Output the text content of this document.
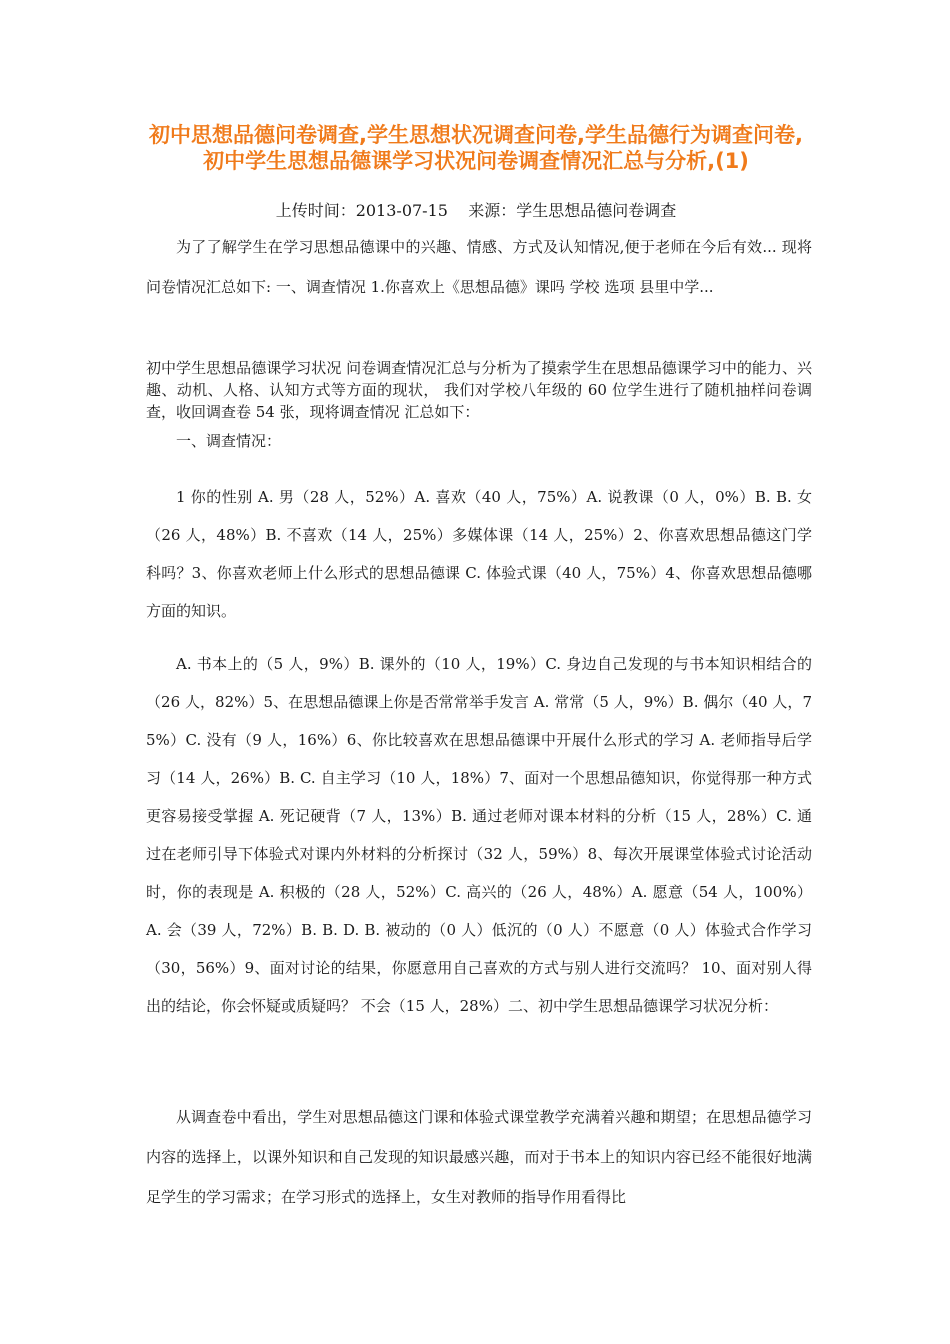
初中思想品德问卷调查,学生思想状况调查问卷,学生品德行为调查问卷,初中学生思想品德课学习状况问卷调查情况汇总与分析,(1)
上传时间：2013-07-15    来源：学生思想品德问卷调查
为了了解学生在学习思想品德课中的兴趣、情感、方式及认知情况,便于老师在今后有效... 现将问卷情况汇总如下: 一、调查情况 1.你喜欢上《思想品德》课吗 学校 选项 县里中学...
初中学生思想品德课学习状况 问卷调查情况汇总与分析为了摸索学生在思想品德课学习中的能力、兴趣、动机、人格、认知方式等方面的现状， 我们对学校八年级的 60 位学生进行了随机抽样问卷调查，收回调查卷 54 张，现将调查情况 汇总如下：
一、调查情况：
1 你的性别 A. 男（28 人，52%）A. 喜欢（40 人，75%）A. 说教课（0 人，0%）B. B. 女（26 人，48%）B. 不喜欢（14 人，25%）多媒体课（14 人，25%）2、你喜欢思想品德这门学科吗？3、你喜欢老师上什么形式的思想品德课 C. 体验式课（40 人，75%）4、你喜欢思想品德哪方面的知识。
A. 书本上的（5 人，9%）B. 课外的（10 人，19%）C. 身边自己发现的与书本知识相结合的（26 人，82%）5、在思想品德课上你是否常常举手发言 A. 常常（5 人，9%）B. 偶尔（40 人，75%）C. 没有（9 人，16%）6、你比较喜欢在思想品德课中开展什么形式的学习 A. 老师指导后学习（14 人，26%）B. C. 自主学习（10 人，18%）7、面对一个思想品德知识，你觉得那一种方式更容易接受掌握 A. 死记硬背（7 人，13%）B. 通过老师对课本材料的分析（15 人，28%）C. 通过在老师引导下体验式对课内外材料的分析探讨（32 人，59%）8、每次开展课堂体验式讨论活动时，你的表现是 A. 积极的（28 人，52%）C. 高兴的（26 人，48%）A. 愿意（54 人，100%）A. 会（39 人，72%）B. B. D. B. 被动的（0 人）低沉的（0 人）不愿意（0 人）体验式合作学习（30，56%）9、面对讨论的结果，你愿意用自己喜欢的方式与别人进行交流吗？ 10、面对别人得出的结论，你会怀疑或质疑吗？ 不会（15 人，28%）二、初中学生思想品德课学习状况分析：
从调查卷中看出，学生对思想品德这门课和体验式课堂教学充满着兴趣和期望；在思想品德学习内容的选择上，以课外知识和自己发现的知识最感兴趣，而对于书本上的知识内容已经不能很好地满足学生的学习需求；在学习形式的选择上，女生对教师的指导作用看得比
